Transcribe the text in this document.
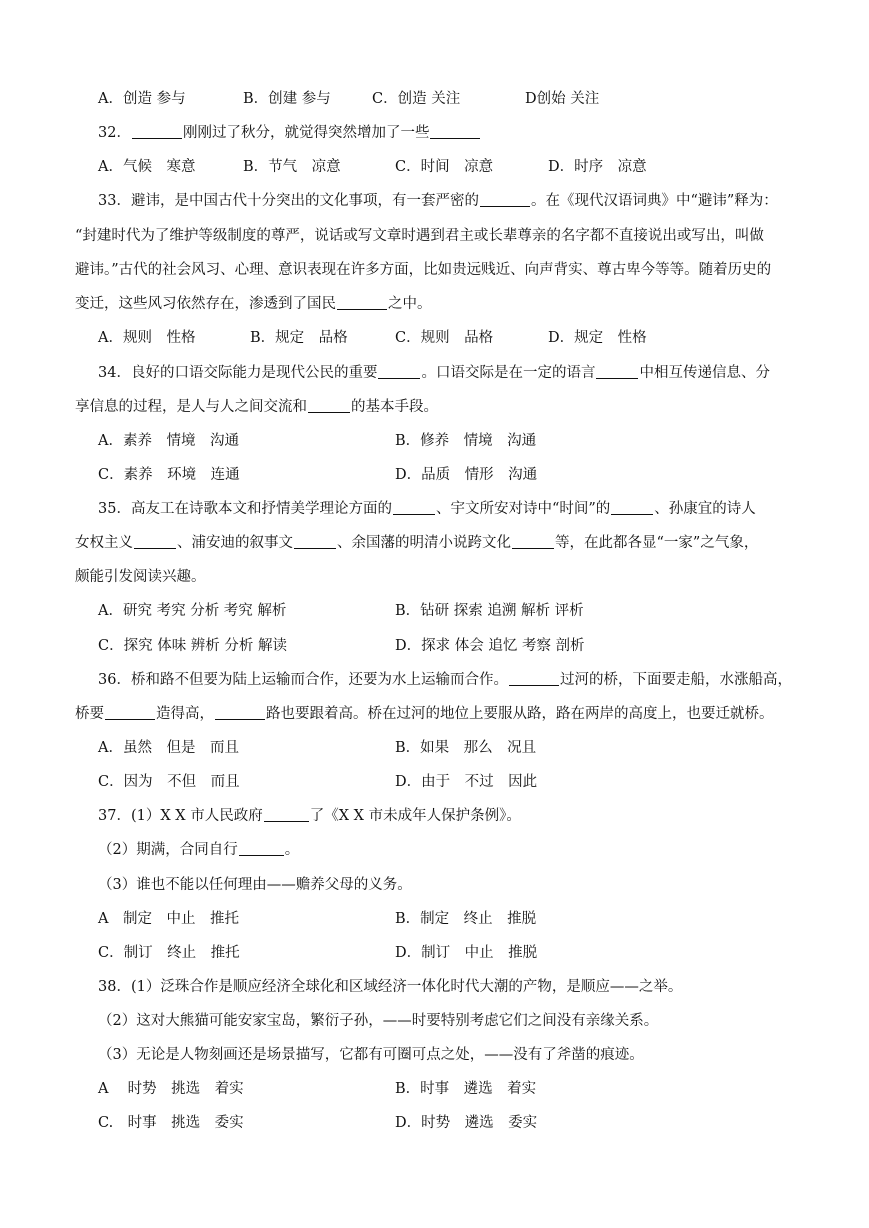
A．创造 参与	B．创建 参与	C．创造 关注	D创始 关注
32．	刚刚过了秋分，就觉得突然增加了一些
A．气候　寒意	B．节气　凉意	C．时间　凉意	D．时序　凉意
33．避讳，是中国古代十分突出的文化事项，有一套严密的	。在《现代汉语词典》中“避讳”释为：
“封建时代为了维护等级制度的尊严，说话或写文章时遇到君主或长辈尊亲的名字都不直接说出或写出，叫做
避讳。”古代的社会风习、心理、意识表现在许多方面，比如贵远贱近、向声背实、尊古卑今等等。随着历史的
变迁，这些风习依然存在，渗透到了国民	之中。
A．规则　性格	B．规定　品格	C．规则　品格	D．规定　性格
34．良好的口语交际能力是现代公民的重要	。口语交际是在一定的语言	中相互传递信息、分
享信息的过程，是人与人之间交流和	的基本手段。
A．素养　情境　沟通	B．修养　情境　沟通
C．素养　环境　连通	D．品质　情形　沟通
35．高友工在诗歌本文和抒情美学理论方面的	、宇文所安对诗中“时间”的	、孙康宜的诗人
女权主义	、浦安迪的叙事文	、余国藩的明清小说跨文化	等，在此都各显“一家”之气象，
颇能引发阅读兴趣。
A．研究 考究 分析 考究 解析	B．钻研 探索 追溯 解析 评析
C．探究 体味 辨析 分析 解读	D．探求 体会 追忆 考察 剖析
36．桥和路不但要为陆上运输而合作，还要为水上运输而合作。	过河的桥，下面要走船，水涨船高，
桥要	造得高，	路也要跟着高。桥在过河的地位上要服从路，路在两岸的高度上，也要迁就桥。
A．虽然　但是　而且	B．如果　那么　况且
C．因为　不但　而且	D．由于　不过　因此
37．(1）X X 市人民政府	了《X X 市未成年人保护条例》。
（2）期满，合同自行	。
（3）谁也不能以任何理由——赡养父母的义务。
A　制定　中止　推托	B．制定　终止　推脱
C．制订　终止　推托	D．制订　中止　推脱
38．(1）泛珠合作是顺应经济全球化和区域经济一体化时代大潮的产物，是顺应——之举。
（2）这对大熊猫可能安家宝岛，繁衍子孙，——时要特别考虑它们之间没有亲缘关系。
（3）无论是人物刻画还是场景描写，它都有可圈可点之处，——没有了斧凿的痕迹。
A　 时势　挑选　着实	B．时事　遴选　着实
C.　时事　挑选　委实	D．时势　遴选　委实
